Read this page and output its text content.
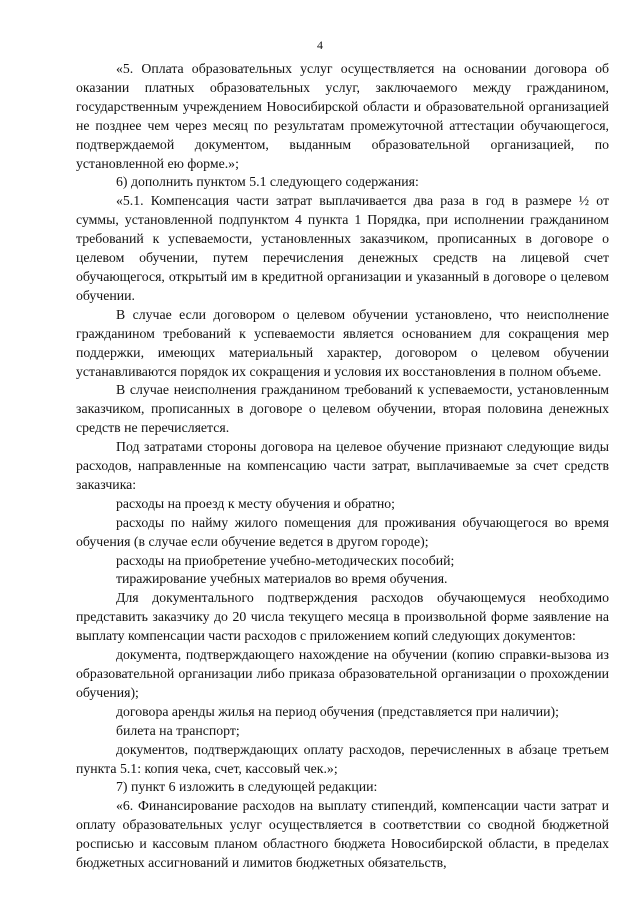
4

«5. Оплата образовательных услуг осуществляется на основании договора об оказании платных образовательных услуг, заключаемого между гражданином, государственным учреждением Новосибирской области и образовательной организацией не позднее чем через месяц по результатам промежуточной аттестации обучающегося, подтверждаемой документом, выданным образовательной организацией, по установленной ею форме.»;

6) дополнить пунктом 5.1 следующего содержания:

«5.1. Компенсация части затрат выплачивается два раза в год в размере ½ от суммы, установленной подпунктом 4 пункта 1 Порядка, при исполнении гражданином требований к успеваемости, установленных заказчиком, прописанных в договоре о целевом обучении, путем перечисления денежных средств на лицевой счет обучающегося, открытый им в кредитной организации и указанный в договоре о целевом обучении.

В случае если договором о целевом обучении установлено, что неисполнение гражданином требований к успеваемости является основанием для сокращения мер поддержки, имеющих материальный характер, договором о целевом обучении устанавливаются порядок их сокращения и условия их восстановления в полном объеме.

В случае неисполнения гражданином требований к успеваемости, установленным заказчиком, прописанных в договоре о целевом обучении, вторая половина денежных средств не перечисляется.

Под затратами стороны договора на целевое обучение признают следующие виды расходов, направленные на компенсацию части затрат, выплачиваемые за счет средств заказчика:

расходы на проезд к месту обучения и обратно;

расходы по найму жилого помещения для проживания обучающегося во время обучения (в случае если обучение ведется в другом городе);

расходы на приобретение учебно-методических пособий;

тиражирование учебных материалов во время обучения.

Для документального подтверждения расходов обучающемуся необходимо представить заказчику до 20 числа текущего месяца в произвольной форме заявление на выплату компенсации части расходов с приложением копий следующих документов:

документа, подтверждающего нахождение на обучении (копию справки-вызова из образовательной организации либо приказа образовательной организации о прохождении обучения);

договора аренды жилья на период обучения (представляется при наличии);

билета на транспорт;

документов, подтверждающих оплату расходов, перечисленных в абзаце третьем пункта 5.1: копия чека, счет, кассовый чек.»;

7) пункт 6 изложить в следующей редакции:

«6. Финансирование расходов на выплату стипендий, компенсации части затрат и оплату образовательных услуг осуществляется в соответствии со сводной бюджетной росписью и кассовым планом областного бюджета Новосибирской области, в пределах бюджетных ассигнований и лимитов бюджетных обязательств,
